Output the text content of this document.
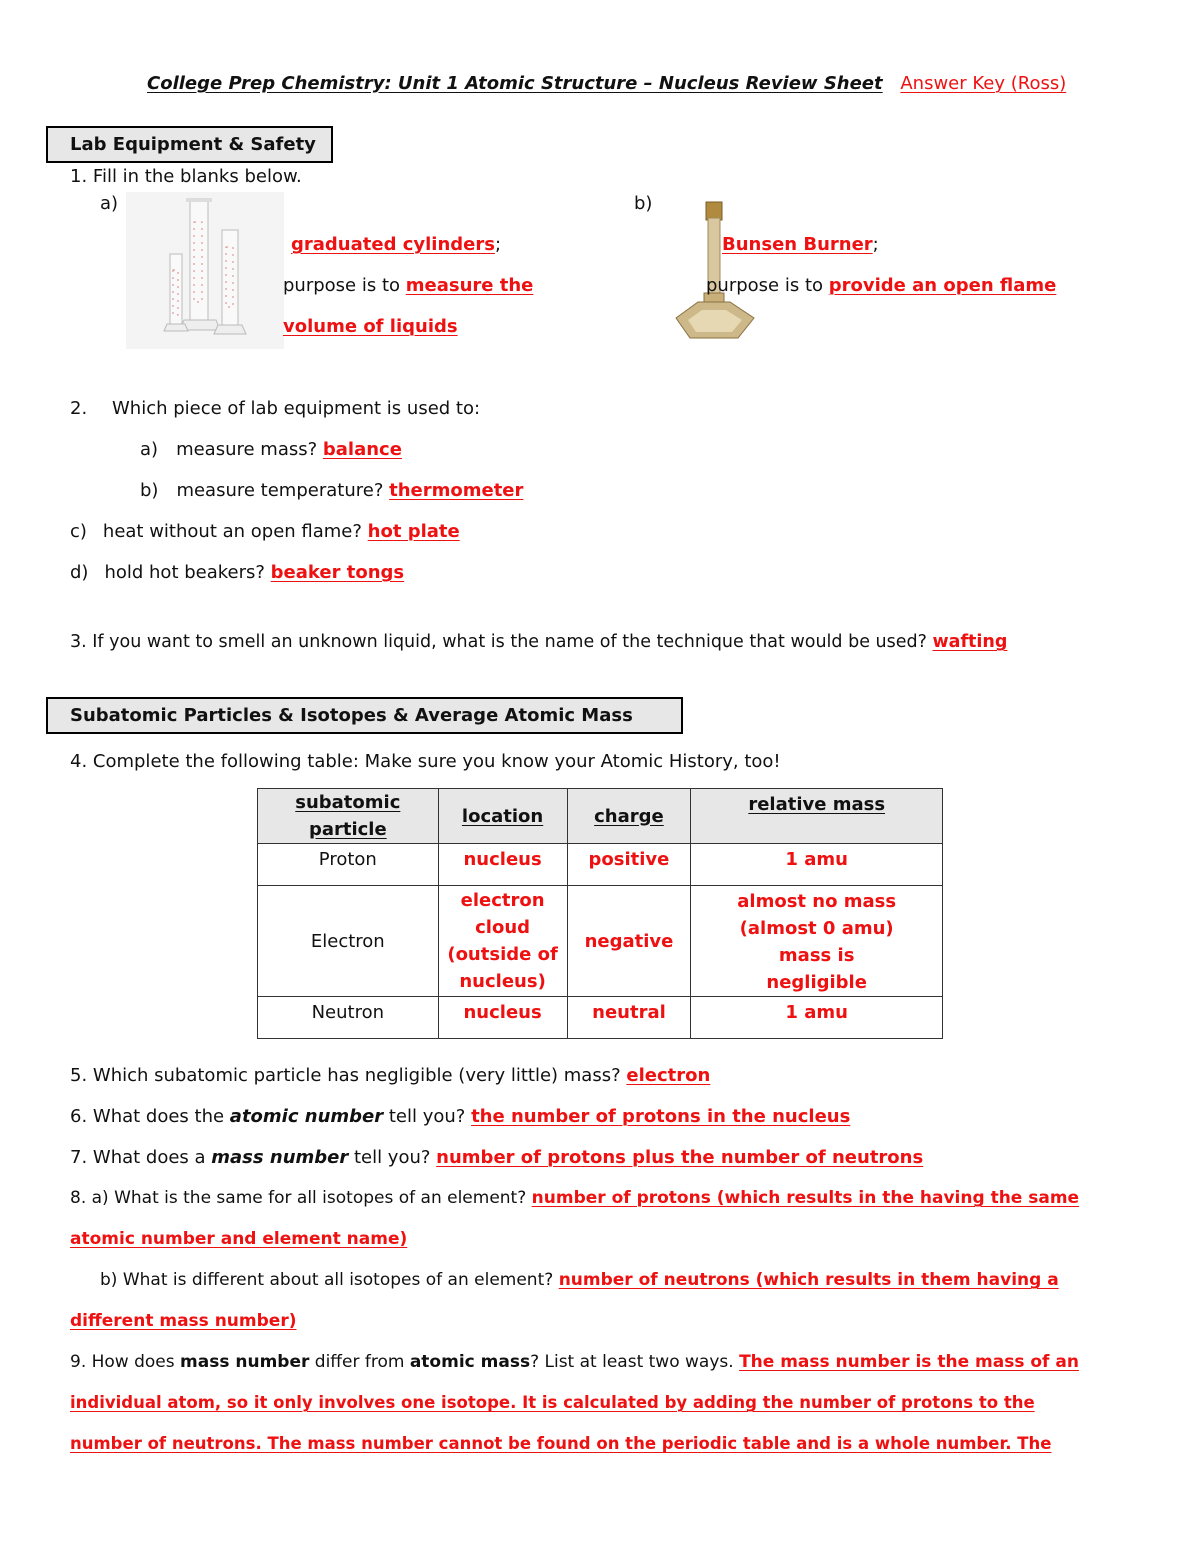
College Prep Chemistry: Unit 1 Atomic Structure – Nucleus Review Sheet Answer Key (Ross)
Lab Equipment & Safety
1. Fill in the blanks below.
a)
graduated cylinders;
purpose is to measure the
volume of liquids
b)
Bunsen Burner;
purpose is to provide an open flame
2. Which piece of lab equipment is used to:
a) measure mass? balance
b) measure temperature? thermometer
c) heat without an open flame? hot plate
d) hold hot beakers? beaker tongs
3. If you want to smell an unknown liquid, what is the name of the technique that would be used? wafting
Subatomic Particles & Isotopes & Average Atomic Mass
4. Complete the following table: Make sure you know your Atomic History, too!
subatomic particle	location	charge	relative mass
Proton	nucleus	positive	1 amu
Electron	electron cloud (outside of nucleus)	negative	almost no mass (almost 0 amu) mass is negligible
Neutron	nucleus	neutral	1 amu
5. Which subatomic particle has negligible (very little) mass? electron
6. What does the atomic number tell you? the number of protons in the nucleus
7. What does a mass number tell you? number of protons plus the number of neutrons
8. a) What is the same for all isotopes of an element? number of protons (which results in the having the same
atomic number and element name)
b) What is different about all isotopes of an element? number of neutrons (which results in them having a
different mass number)
9. How does mass number differ from atomic mass? List at least two ways. The mass number is the mass of an
individual atom, so it only involves one isotope. It is calculated by adding the number of protons to the
number of neutrons. The mass number cannot be found on the periodic table and is a whole number. The
